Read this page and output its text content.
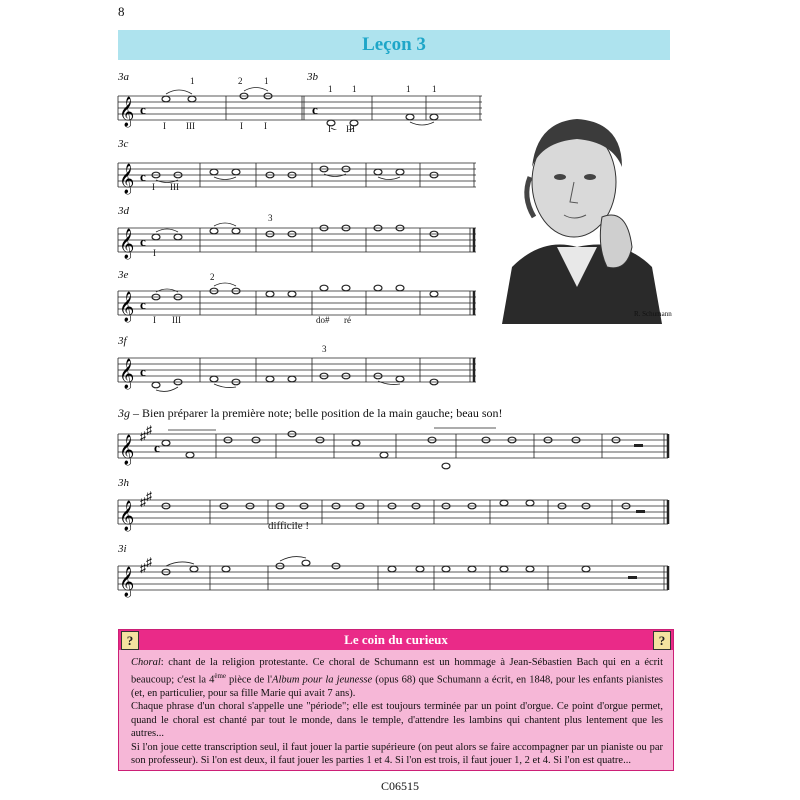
8
Leçon 3
3a	3b
3c
3d
3e
3f
3h
3i
𝄞 c	c
𝄞 c
𝄞 c
𝄞 c
𝄞 c
3g – Bien préparer la première note; belle position de la main gauche; beau son!
𝄞 ♯ ♯
c
𝄞 ♯ ♯
difficile !
𝄞 ♯ ♯
I III	I I
1	2 1
1 1	1 1
I III
I III
I
I III
2
do# ré
3
3
R. Schumann
Le coin du curieux
?	?

Choral: chant de la religion protestante. Ce choral de Schumann est un hommage à Jean-Sébastien Bach qui en a écrit beaucoup; c'est la 4ème pièce de l'Album pour la jeunesse (opus 68) que Schumann a écrit, en 1848, pour les enfants pianistes (et, en particulier, pour sa fille Marie qui avait 7 ans).

Chaque phrase d'un choral s'appelle une "période"; elle est toujours terminée par un point d'orgue. Ce point d'orgue permet, quand le choral est chanté par tout le monde, dans le temple, d'attendre les lambins qui chantent plus lentement que les autres...

Si l'on joue cette transcription seul, il faut jouer la partie supérieure (on peut alors se faire accompagner par un pianiste ou par son professeur). Si l'on est deux, il faut jouer les parties 1 et 4. Si l'on est trois, il faut jouer 1, 2 et 4. Si l'on est quatre...

C06515
